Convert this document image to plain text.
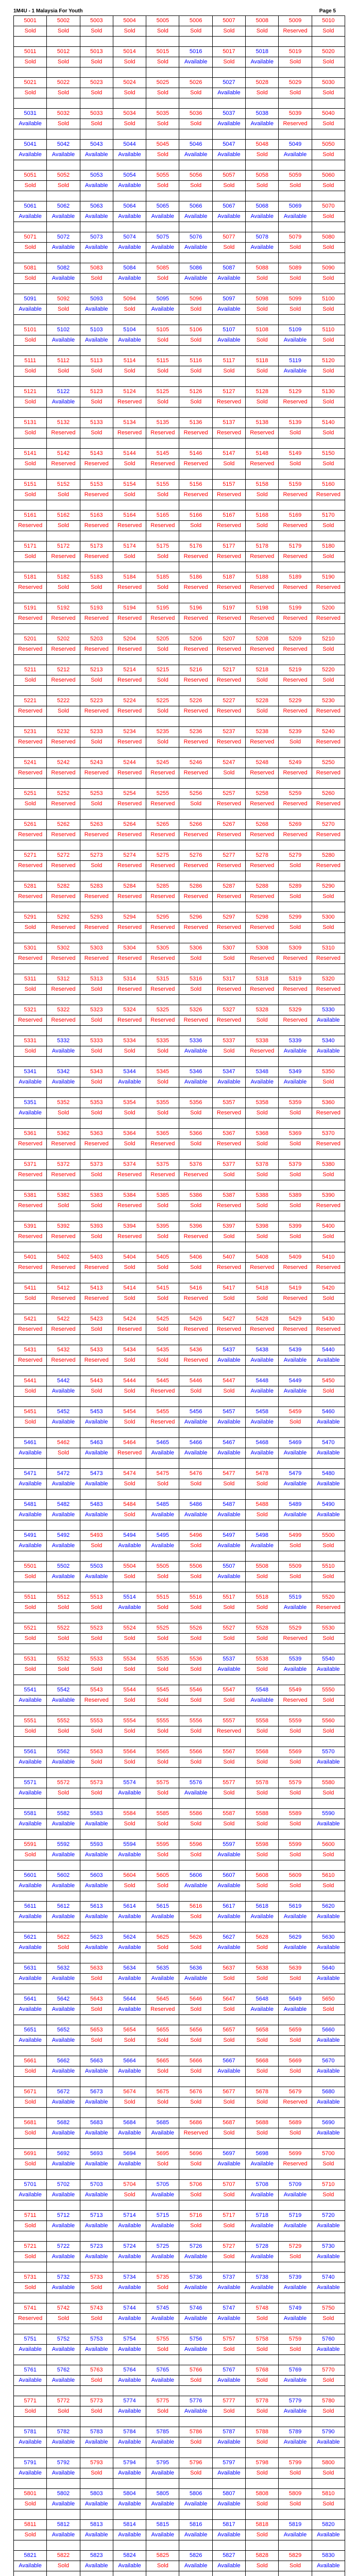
1M4U - 1 Malaysia For Youth	Page 5
5001	5002	5003	5004	5005	5006	5007	5008	5009	5010
Sold	Sold	Sold	Sold	Sold	Sold	Sold	Sold	Reserved	Sold

5011	5012	5013	5014	5015	5016	5017	5018	5019	5020
Sold	Sold	Sold	Sold	Sold	Available	Sold	Available	Sold	Sold

5021	5022	5023	5024	5025	5026	5027	5028	5029	5030
Sold	Sold	Sold	Sold	Sold	Sold	Available	Sold	Sold	Sold

5031	5032	5033	5034	5035	5036	5037	5038	5039	5040
Available	Sold	Sold	Sold	Sold	Sold	Available	Available	Reserved	Sold

5041	5042	5043	5044	5045	5046	5047	5048	5049	5050
Available	Available	Available	Available	Sold	Available	Available	Sold	Available	Sold

5051	5052	5053	5054	5055	5056	5057	5058	5059	5060
Sold	Sold	Available	Available	Sold	Sold	Sold	Sold	Sold	Sold

5061	5062	5063	5064	5065	5066	5067	5068	5069	5070
Available	Available	Available	Available	Available	Available	Available	Available	Available	Sold

5071	5072	5073	5074	5075	5076	5077	5078	5079	5080
Sold	Available	Available	Available	Available	Available	Sold	Available	Sold	Sold

5081	5082	5083	5084	5085	5086	5087	5088	5089	5090
Sold	Available	Sold	Available	Sold	Available	Available	Sold	Sold	Sold

5091	5092	5093	5094	5095	5096	5097	5098	5099	5100
Available	Sold	Available	Sold	Available	Sold	Available	Sold	Sold	Sold

5101	5102	5103	5104	5105	5106	5107	5108	5109	5110
Sold	Available	Available	Available	Sold	Sold	Available	Sold	Available	Sold

5111	5112	5113	5114	5115	5116	5117	5118	5119	5120
Sold	Sold	Sold	Sold	Sold	Sold	Sold	Sold	Available	Sold

5121	5122	5123	5124	5125	5126	5127	5128	5129	5130
Sold	Available	Sold	Reserved	Sold	Sold	Reserved	Sold	Reserved	Sold

5131	5132	5133	5134	5135	5136	5137	5138	5139	5140
Sold	Reserved	Sold	Reserved	Reserved	Reserved	Reserved	Reserved	Sold	Sold

5141	5142	5143	5144	5145	5146	5147	5148	5149	5150
Sold	Reserved	Reserved	Sold	Reserved	Reserved	Sold	Reserved	Sold	Sold

5151	5152	5153	5154	5155	5156	5157	5158	5159	5160
Sold	Sold	Reserved	Sold	Sold	Reserved	Reserved	Sold	Reserved	Reserved

5161	5162	5163	5164	5165	5166	5167	5168	5169	5170
Reserved	Sold	Reserved	Reserved	Reserved	Sold	Reserved	Sold	Reserved	Sold

5171	5172	5173	5174	5175	5176	5177	5178	5179	5180
Sold	Reserved	Reserved	Sold	Sold	Reserved	Reserved	Reserved	Reserved	Sold

5181	5182	5183	5184	5185	5186	5187	5188	5189	5190
Reserved	Sold	Sold	Reserved	Sold	Reserved	Reserved	Reserved	Reserved	Reserved

5191	5192	5193	5194	5195	5196	5197	5198	5199	5200
Reserved	Reserved	Reserved	Reserved	Reserved	Reserved	Reserved	Reserved	Reserved	Reserved

5201	5202	5203	5204	5205	5206	5207	5208	5209	5210
Reserved	Reserved	Reserved	Reserved	Sold	Reserved	Reserved	Reserved	Reserved	Sold

5211	5212	5213	5214	5215	5216	5217	5218	5219	5220
Sold	Reserved	Sold	Reserved	Sold	Reserved	Reserved	Sold	Reserved	Sold

5221	5222	5223	5224	5225	5226	5227	5228	5229	5230
Reserved	Sold	Reserved	Reserved	Sold	Reserved	Reserved	Sold	Reserved	Reserved

5231	5232	5233	5234	5235	5236	5237	5238	5239	5240
Reserved	Reserved	Sold	Reserved	Sold	Reserved	Reserved	Reserved	Sold	Reserved

5241	5242	5243	5244	5245	5246	5247	5248	5249	5250
Reserved	Reserved	Reserved	Reserved	Reserved	Reserved	Sold	Reserved	Reserved	Reserved

5251	5252	5253	5254	5255	5256	5257	5258	5259	5260
Sold	Reserved	Sold	Reserved	Reserved	Sold	Reserved	Reserved	Reserved	Reserved

5261	5262	5263	5264	5265	5266	5267	5268	5269	5270
Reserved	Reserved	Reserved	Reserved	Reserved	Reserved	Reserved	Reserved	Reserved	Reserved

5271	5272	5273	5274	5275	5276	5277	5278	5279	5280
Reserved	Reserved	Sold	Reserved	Reserved	Reserved	Reserved	Reserved	Sold	Reserved

5281	5282	5283	5284	5285	5286	5287	5288	5289	5290
Reserved	Reserved	Reserved	Reserved	Reserved	Reserved	Reserved	Reserved	Sold	Sold

5291	5292	5293	5294	5295	5296	5297	5298	5299	5300
Sold	Reserved	Reserved	Reserved	Reserved	Reserved	Reserved	Reserved	Sold	Sold

5301	5302	5303	5304	5305	5306	5307	5308	5309	5310
Reserved	Reserved	Reserved	Reserved	Reserved	Sold	Sold	Reserved	Reserved	Reserved

5311	5312	5313	5314	5315	5316	5317	5318	5319	5320
Sold	Reserved	Sold	Reserved	Reserved	Sold	Reserved	Reserved	Reserved	Reserved

5321	5322	5323	5324	5325	5326	5327	5328	5329	5330
Reserved	Reserved	Sold	Reserved	Reserved	Reserved	Reserved	Sold	Reserved	Available

5331	5332	5333	5334	5335	5336	5337	5338	5339	5340
Sold	Available	Sold	Sold	Sold	Available	Sold	Reserved	Available	Available

5341	5342	5343	5344	5345	5346	5347	5348	5349	5350
Available	Available	Sold	Available	Sold	Available	Available	Available	Available	Sold

5351	5352	5353	5354	5355	5356	5357	5358	5359	5360
Available	Sold	Sold	Sold	Sold	Sold	Reserved	Sold	Sold	Reserved

5361	5362	5363	5364	5365	5366	5367	5368	5369	5370
Reserved	Reserved	Reserved	Sold	Reserved	Sold	Reserved	Sold	Sold	Reserved

5371	5372	5373	5374	5375	5376	5377	5378	5379	5380
Reserved	Reserved	Sold	Reserved	Reserved	Reserved	Sold	Sold	Sold	Sold

5381	5382	5383	5384	5385	5386	5387	5388	5389	5390
Reserved	Sold	Sold	Reserved	Sold	Sold	Reserved	Sold	Sold	Reserved

5391	5392	5393	5394	5395	5396	5397	5398	5399	5400
Reserved	Reserved	Sold	Reserved	Sold	Reserved	Sold	Sold	Sold	Sold

5401	5402	5403	5404	5405	5406	5407	5408	5409	5410
Reserved	Reserved	Reserved	Sold	Sold	Sold	Reserved	Reserved	Reserved	Reserved

5411	5412	5413	5414	5415	5416	5417	5418	5419	5420
Sold	Reserved	Reserved	Sold	Sold	Reserved	Sold	Sold	Reserved	Sold

5421	5422	5423	5424	5425	5426	5427	5428	5429	5430
Reserved	Reserved	Sold	Reserved	Sold	Reserved	Reserved	Reserved	Reserved	Reserved

5431	5432	5433	5434	5435	5436	5437	5438	5439	5440
Reserved	Reserved	Reserved	Sold	Sold	Reserved	Available	Available	Available	Available

5441	5442	5443	5444	5445	5446	5447	5448	5449	5450
Sold	Available	Sold	Sold	Reserved	Sold	Sold	Available	Available	Sold

5451	5452	5453	5454	5455	5456	5457	5458	5459	5460
Sold	Available	Available	Sold	Reserved	Available	Available	Available	Sold	Available

5461	5462	5463	5464	5465	5466	5467	5468	5469	5470
Available	Sold	Available	Reserved	Available	Available	Available	Available	Available	Available

5471	5472	5473	5474	5475	5476	5477	5478	5479	5480
Available	Available	Available	Sold	Sold	Sold	Sold	Sold	Available	Available

5481	5482	5483	5484	5485	5486	5487	5488	5489	5490
Available	Available	Available	Sold	Available	Available	Available	Sold	Available	Available

5491	5492	5493	5494	5495	5496	5497	5498	5499	5500
Available	Available	Sold	Available	Available	Sold	Available	Available	Sold	Sold

5501	5502	5503	5504	5505	5506	5507	5508	5509	5510
Sold	Available	Available	Sold	Sold	Sold	Available	Sold	Sold	Sold

5511	5512	5513	5514	5515	5516	5517	5518	5519	5520
Sold	Sold	Sold	Available	Sold	Sold	Sold	Sold	Available	Reserved

5521	5522	5523	5524	5525	5526	5527	5528	5529	5530
Sold	Sold	Sold	Sold	Sold	Sold	Sold	Sold	Reserved	Sold

5531	5532	5533	5534	5535	5536	5537	5538	5539	5540
Sold	Sold	Sold	Sold	Sold	Sold	Available	Sold	Available	Available

5541	5542	5543	5544	5545	5546	5547	5548	5549	5550
Available	Available	Reserved	Sold	Sold	Sold	Sold	Available	Reserved	Sold

5551	5552	5553	5554	5555	5556	5557	5558	5559	5560
Sold	Sold	Sold	Sold	Sold	Sold	Reserved	Sold	Sold	Sold

5561	5562	5563	5564	5565	5566	5567	5568	5569	5570
Available	Available	Sold	Sold	Sold	Sold	Sold	Sold	Sold	Available

5571	5572	5573	5574	5575	5576	5577	5578	5579	5580
Available	Sold	Sold	Available	Sold	Available	Sold	Sold	Sold	Sold

5581	5582	5583	5584	5585	5586	5587	5588	5589	5590
Available	Available	Available	Sold	Sold	Sold	Sold	Sold	Sold	Available

5591	5592	5593	5594	5595	5596	5597	5598	5599	5600
Sold	Available	Available	Available	Sold	Sold	Available	Sold	Sold	Sold

5601	5602	5603	5604	5605	5606	5607	5608	5609	5610
Available	Available	Available	Sold	Sold	Available	Available	Sold	Sold	Sold

5611	5612	5613	5614	5615	5616	5617	5618	5619	5620
Available	Available	Available	Available	Available	Sold	Available	Available	Available	Available

5621	5622	5623	5624	5625	5626	5627	5628	5629	5630
Available	Sold	Available	Available	Sold	Sold	Available	Sold	Available	Available

5631	5632	5633	5634	5635	5636	5637	5638	5639	5640
Available	Available	Sold	Available	Available	Available	Sold	Sold	Sold	Available

5641	5642	5643	5644	5645	5646	5647	5648	5649	5650
Available	Available	Sold	Available	Reserved	Sold	Sold	Available	Available	Sold

5651	5652	5653	5654	5655	5656	5657	5658	5659	5660
Available	Available	Sold	Sold	Sold	Sold	Sold	Sold	Sold	Available

5661	5662	5663	5664	5665	5666	5667	5668	5669	5670
Sold	Available	Available	Available	Sold	Sold	Available	Sold	Sold	Available

5671	5672	5673	5674	5675	5676	5677	5678	5679	5680
Sold	Available	Available	Sold	Sold	Sold	Sold	Sold	Reserved	Available

5681	5682	5683	5684	5685	5686	5687	5688	5689	5690
Sold	Available	Available	Available	Available	Reserved	Sold	Sold	Sold	Available

5691	5692	5693	5694	5695	5696	5697	5698	5699	5700
Sold	Available	Available	Available	Sold	Sold	Available	Available	Reserved	Sold

5701	5702	5703	5704	5705	5706	5707	5708	5709	5710
Available	Available	Available	Sold	Available	Sold	Sold	Available	Available	Sold

5711	5712	5713	5714	5715	5716	5717	5718	5719	5720
Sold	Available	Available	Available	Available	Sold	Sold	Available	Available	Available

5721	5722	5723	5724	5725	5726	5727	5728	5729	5730
Sold	Available	Available	Available	Available	Available	Sold	Available	Sold	Available

5731	5732	5733	5734	5735	5736	5737	5738	5739	5740
Sold	Available	Sold	Available	Sold	Available	Available	Available	Available	Available

5741	5742	5743	5744	5745	5746	5747	5748	5749	5750
Reserved	Sold	Sold	Available	Available	Available	Available	Sold	Available	Sold

5751	5752	5753	5754	5755	5756	5757	5758	5759	5760
Available	Available	Available	Available	Sold	Available	Sold	Sold	Sold	Available

5761	5762	5763	5764	5765	5766	5767	5768	5769	5770
Available	Available	Sold	Available	Available	Sold	Available	Sold	Available	Sold

5771	5772	5773	5774	5775	5776	5777	5778	5779	5780
Sold	Sold	Sold	Available	Sold	Available	Sold	Sold	Available	Sold

5781	5782	5783	5784	5785	5786	5787	5788	5789	5790
Available	Available	Available	Available	Available	Sold	Available	Sold	Available	Available

5791	5792	5793	5794	5795	5796	5797	5798	5799	5800
Available	Available	Sold	Available	Available	Sold	Available	Sold	Sold	Sold

5801	5802	5803	5804	5805	5806	5807	5808	5809	5810
Sold	Available	Available	Available	Available	Available	Available	Sold	Sold	Sold

5811	5812	5813	5814	5815	5816	5817	5818	5819	5820
Sold	Available	Available	Available	Available	Available	Available	Sold	Available	Available

5821	5822	5823	5824	5825	5826	5827	5828	5829	5830
Available	Sold	Available	Available	Sold	Available	Available	Sold	Sold	Available
